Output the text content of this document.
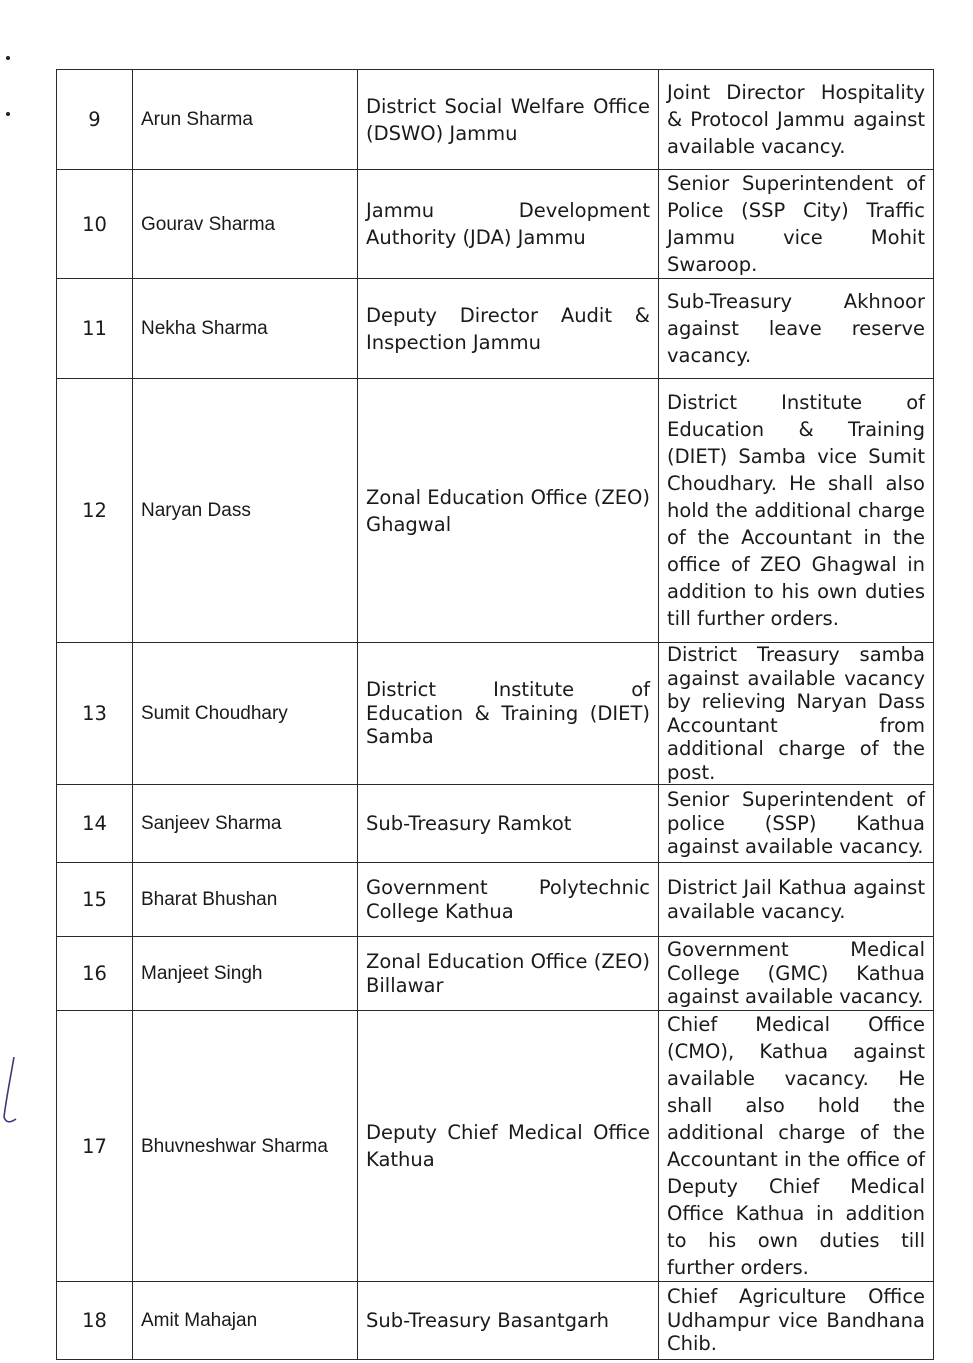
9	Arun Sharma	District Social Welfare Office (DSWO) Jammu	Joint Director Hospitality & Protocol Jammu against available vacancy.
10	Gourav Sharma	Jammu Development Authority (JDA) Jammu	Senior Superintendent of Police (SSP City) Traffic Jammu vice Mohit Swaroop.
11	Nekha Sharma	Deputy Director Audit & Inspection Jammu	Sub-Treasury Akhnoor against leave reserve vacancy.
12	Naryan Dass	Zonal Education Office (ZEO) Ghagwal	District Institute of Education & Training (DIET) Samba vice Sumit Choudhary. He shall also hold the additional charge of the Accountant in the office of ZEO Ghagwal in addition to his own duties till further orders.
13	Sumit Choudhary	District Institute of Education & Training (DIET) Samba	District Treasury samba against available vacancy by relieving Naryan Dass Accountant from additional charge of the post.
14	Sanjeev Sharma	Sub-Treasury Ramkot	Senior Superintendent of police (SSP) Kathua against available vacancy.
15	Bharat Bhushan	Government Polytechnic College Kathua	District Jail Kathua against available vacancy.
16	Manjeet Singh	Zonal Education Office (ZEO) Billawar	Government Medical College (GMC) Kathua against available vacancy.
17	Bhuvneshwar Sharma	Deputy Chief Medical Office Kathua	Chief Medical Office (CMO), Kathua against available vacancy. He shall also hold the additional charge of the Accountant in the office of Deputy Chief Medical Office Kathua in addition to his own duties till further orders.
18	Amit Mahajan	Sub-Treasury Basantgarh	Chief Agriculture Office Udhampur vice Bandhana Chib.
